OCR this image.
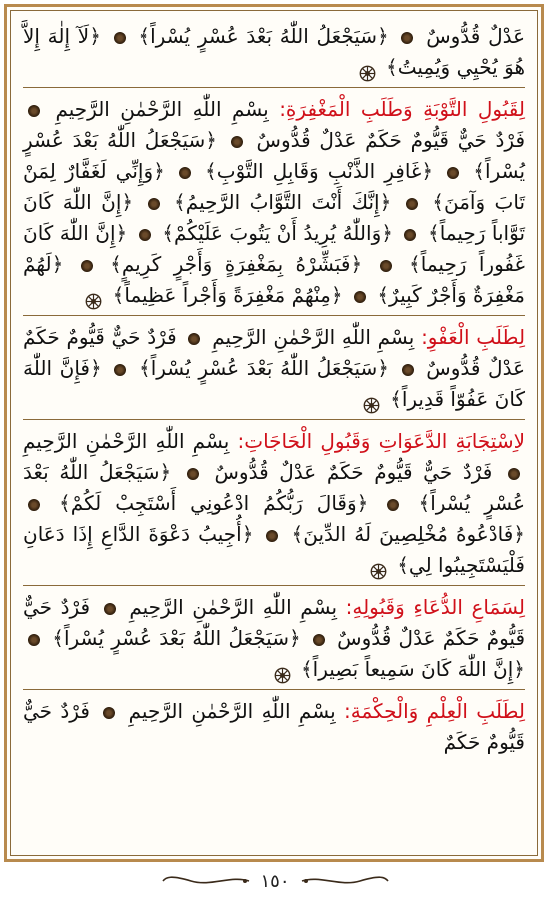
عَدْلٌ قُدُّوسٌ  ﴿سَيَجْعَلُ اللّٰهُ بَعْدَ عُسْرٍ يُسْراً﴾  ﴿لَآ إِلٰهَ إِلاَّ هُوَ يُحْيِي وَيُمِيتُ﴾
لِقَبُولِ التَّوْبَةِ وَطَلَبِ الْمَغْفِرَةِ: بِسْمِ اللّٰهِ الرَّحْمٰنِ الرَّحِيمِ  فَرْدٌ حَيٌّ قَيُّومٌ حَكَمٌ عَدْلٌ قُدُّوسٌ  ﴿سَيَجْعَلُ اللّٰهُ بَعْدَ عُسْرٍ يُسْراً﴾  ﴿غَافِرِ الذَّنْبِ وَقَابِلِ التَّوْبِ﴾  ﴿وَإِنِّي لَغَفَّارٌ لِمَنْ تَابَ وَآمَنَ﴾  ﴿إِنَّكَ أَنْتَ التَّوَّابُ الرَّحِيمُ﴾  ﴿إِنَّ اللّٰهَ كَانَ تَوَّاباً رَحِيماً﴾  ﴿وَاللّٰهُ يُرِيدُ أَنْ يَتُوبَ عَلَيْكُمْ﴾  ﴿إِنَّ اللّٰهَ كَانَ غَفُوراً رَحِيماً﴾  ﴿فَبَشِّرْهُ بِمَغْفِرَةٍ وَأَجْرٍ كَرِيمٍ﴾  ﴿لَهُمْ مَغْفِرَةٌ وَأَجْرٌ كَبِيرٌ﴾  ﴿مِنْهُمْ مَغْفِرَةً وَأَجْراً عَظِيماً﴾
لِطَلَبِ الْعَفْوِ: بِسْمِ اللّٰهِ الرَّحْمٰنِ الرَّحِيمِ  فَرْدٌ حَيٌّ قَيُّومٌ حَكَمٌ عَدْلٌ قُدُّوسٌ  ﴿سَيَجْعَلُ اللّٰهُ بَعْدَ عُسْرٍ يُسْراً﴾  ﴿فَإِنَّ اللّٰهَ كَانَ عَفُوّاً قَدِيراً﴾
لاِسْتِجَابَةِ الدَّعَوَاتِ وَقَبُولِ الْحَاجَاتِ: بِسْمِ اللّٰهِ الرَّحْمٰنِ الرَّحِيمِ  فَرْدٌ حَيٌّ قَيُّومٌ حَكَمٌ عَدْلٌ قُدُّوسٌ  ﴿سَيَجْعَلُ اللّٰهُ بَعْدَ عُسْرٍ يُسْراً﴾  ﴿وَقَالَ رَبُّكُمُ ادْعُونِي أَسْتَجِبْ لَكُمْ﴾  ﴿فَادْعُوهُ مُخْلِصِينَ لَهُ الدِّينَ﴾  ﴿أُجِيبُ دَعْوَةَ الدَّاعِ إِذَا دَعَانِ فَلْيَسْتَجِيبُوا لِي﴾
لِسَمَاعِ الدُّعَاءِ وَقَبُولِهِ: بِسْمِ اللّٰهِ الرَّحْمٰنِ الرَّحِيمِ  فَرْدٌ حَيٌّ قَيُّومٌ حَكَمٌ عَدْلٌ قُدُّوسٌ  ﴿سَيَجْعَلُ اللّٰهُ بَعْدَ عُسْرٍ يُسْراً﴾  ﴿إِنَّ اللّٰهَ كَانَ سَمِيعاً بَصِيراً﴾
لِطَلَبِ الْعِلْمِ وَالْحِكْمَةِ: بِسْمِ اللّٰهِ الرَّحْمٰنِ الرَّحِيمِ  فَرْدٌ حَيٌّ قَيُّومٌ حَكَمٌ
١٥٠
